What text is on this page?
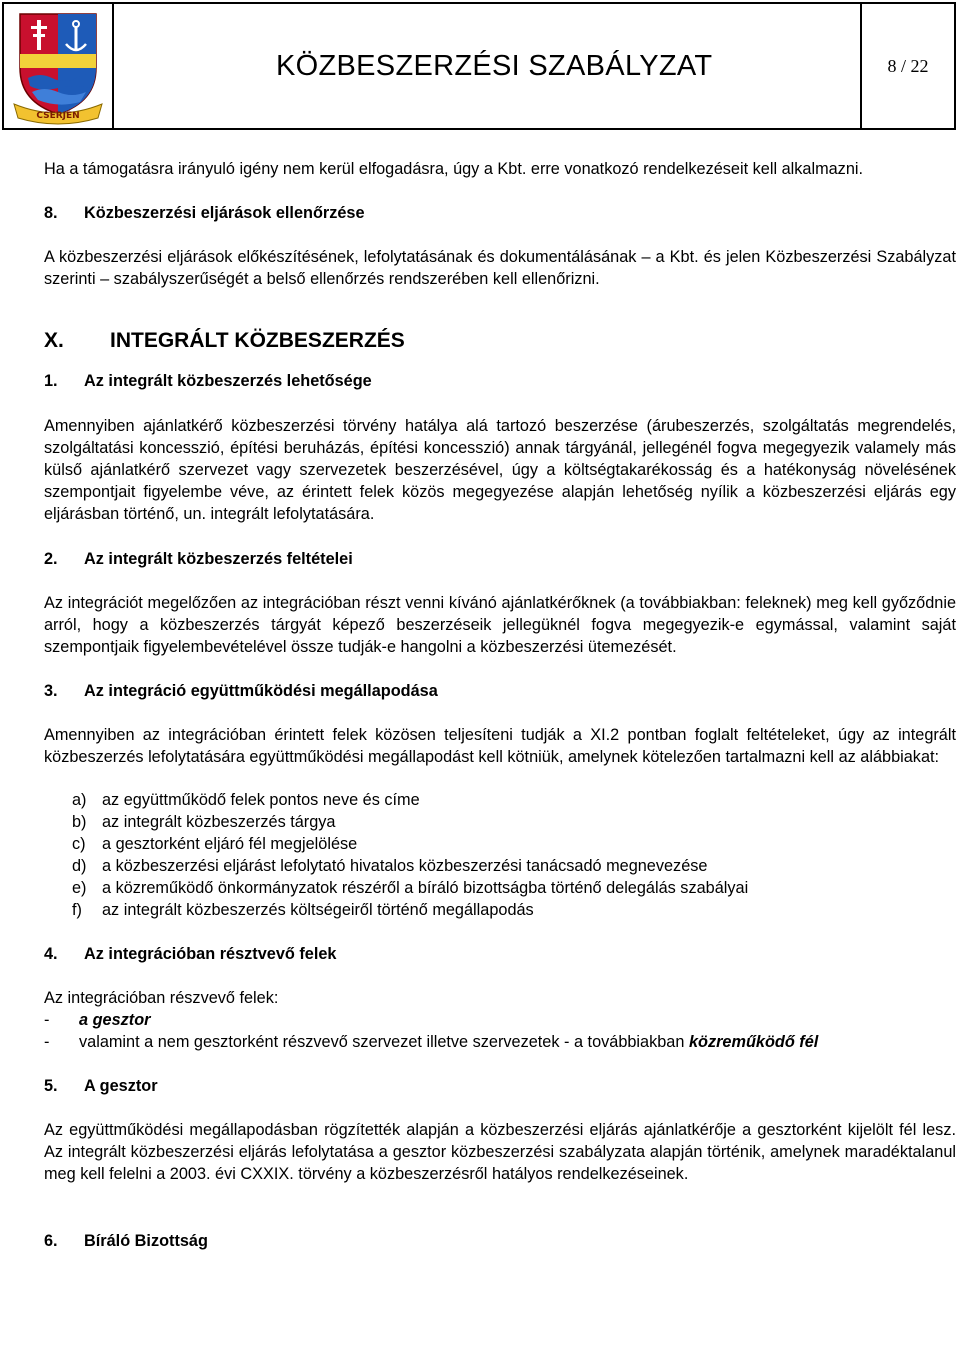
CSERJÉN
KÖZBESZERZÉSI SZABÁLYZAT	8 / 22

Ha a támogatásra irányuló igény nem kerül elfogadásra, úgy a Kbt. erre vonatkozó rendelkezéseit kell alkalmazni.

8.	Közbeszerzési eljárások ellenőrzése

A közbeszerzési eljárások előkészítésének, lefolytatásának és dokumentálásának – a Kbt. és jelen Közbeszerzési Szabályzat szerinti – szabályszerűségét a belső ellenőrzés rendszerében kell ellenőrizni.

X.	INTEGRÁLT KÖZBESZERZÉS
1.	Az integrált közbeszerzés lehetősége

Amennyiben ajánlatkérő közbeszerzési törvény hatálya alá tartozó beszerzése (árubeszerzés, szolgáltatás megrendelés, szolgáltatási koncesszió, építési beruházás, építési koncesszió) annak tárgyánál, jellegénél fogva megegyezik valamely más külső ajánlatkérő szervezet vagy szervezetek beszerzésével, úgy a költségtakarékosság és a hatékonyság növelésének szempontjait figyelembe véve, az érintett felek közös megegyezése alapján lehetőség nyílik a közbeszerzési eljárás egy eljárásban történő, un. integrált lefolytatására.

2.	Az integrált közbeszerzés feltételei

Az integrációt megelőzően az integrációban részt venni kívánó ajánlatkérőknek (a továbbiakban: feleknek) meg kell győződnie arról, hogy a közbeszerzés tárgyát képező beszerzéseik jellegüknél fogva megegyezik-e egymással, valamint saját szempontjaik figyelembevételével össze tudják-e hangolni a közbeszerzési ütemezését.

3.	Az integráció együttműködési megállapodása

Amennyiben az integrációban érintett felek közösen teljesíteni tudják a XI.2 pontban foglalt feltételeket, úgy az integrált közbeszerzés lefolytatására együttműködési megállapodást kell kötniük, amelynek kötelezően tartalmazni kell az alábbiakat:

a) az együttműködő felek pontos neve és címe
b) az integrált közbeszerzés tárgya
c)	a gesztorként eljáró fél megjelölése
d) a közbeszerzési eljárást lefolytató hivatalos közbeszerzési tanácsadó megnevezése
e) a közreműködő önkormányzatok részéről a bíráló bizottságba történő delegálás szabályai
f)	az integrált közbeszerzés költségeiről történő megállapodás
4.	Az integrációban résztvevő felek

Az integrációban részvevő felek:

-	a gesztor
-	valamint a nem gesztorként részvevő szervezet illetve szervezetek - a továbbiakban közreműködő fél
5.	A gesztor

Az együttműködési megállapodásban rögzítették alapján a közbeszerzési eljárás ajánlatkérője a gesztorként kijelölt fél lesz. Az integrált közbeszerzési eljárás lefolytatása a gesztor közbeszerzési szabályzata alapján történik, amelynek maradéktalanul meg kell felelni a 2003. évi CXXIX. törvény a közbeszerzésről hatályos rendelkezéseinek.

6.	Bíráló Bizottság
